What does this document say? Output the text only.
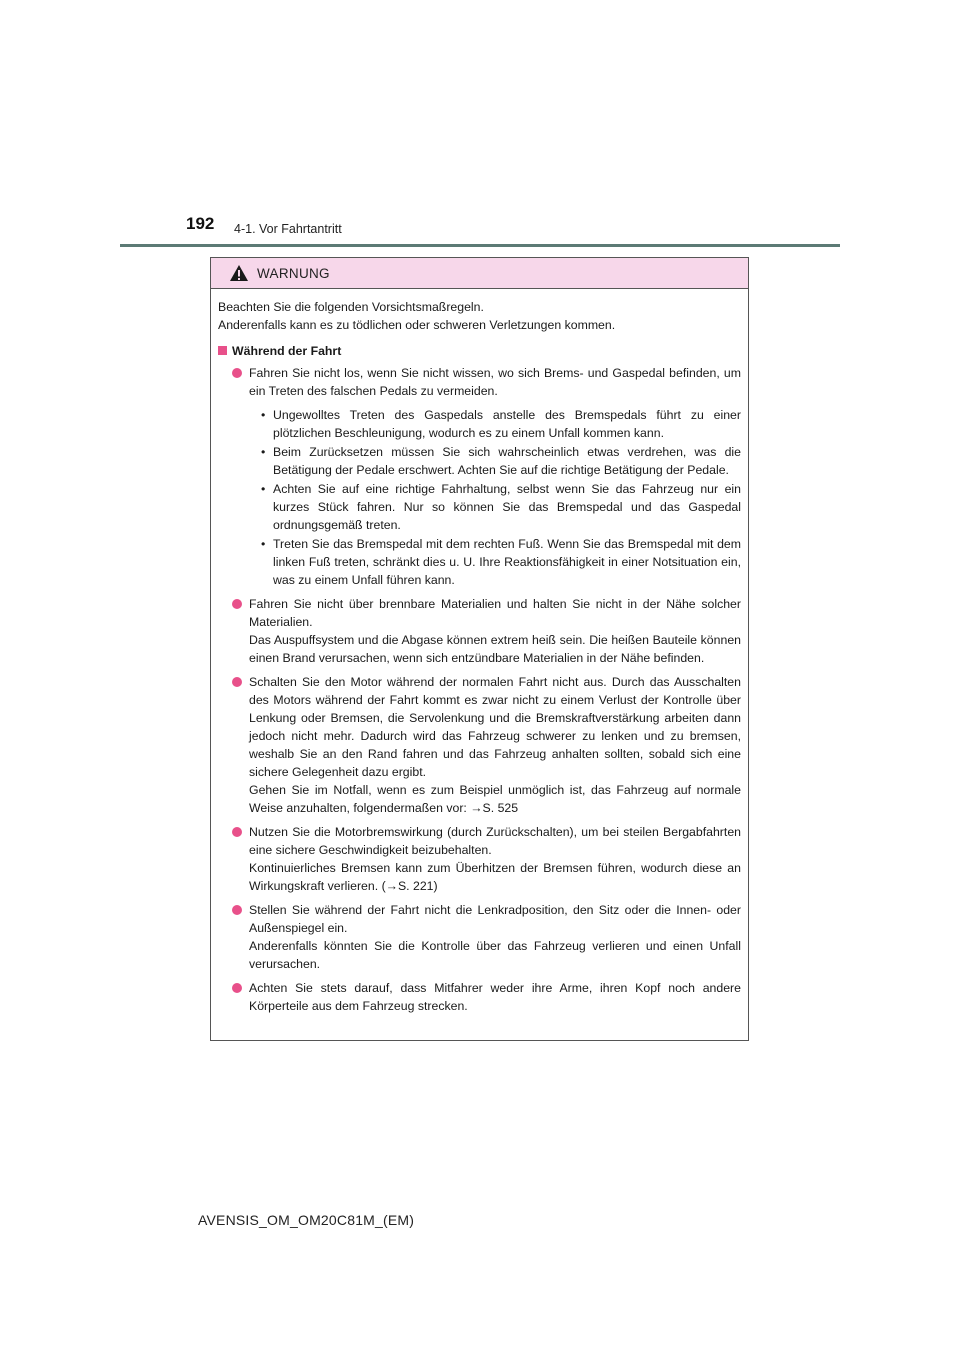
192 4-1. Vor Fahrtantritt
WARNUNG

Beachten Sie die folgenden Vorsichtsmaßregeln.
Anderenfalls kann es zu tödlichen oder schweren Verletzungen kommen.

Während der Fahrt

Fahren Sie nicht los, wenn Sie nicht wissen, wo sich Brems- und Gaspedal befinden, um ein Treten des falschen Pedals zu vermeiden.

• Ungewolltes Treten des Gaspedals anstelle des Bremspedals führt zu einer plötzlichen Beschleunigung, wodurch es zu einem Unfall kommen kann.
• Beim Zurücksetzen müssen Sie sich wahrscheinlich etwas verdrehen, was die Betätigung der Pedale erschwert. Achten Sie auf die richtige Betätigung der Pedale.
• Achten Sie auf eine richtige Fahrhaltung, selbst wenn Sie das Fahrzeug nur ein kurzes Stück fahren. Nur so können Sie das Bremspedal und das Gaspedal ordnungsgemäß treten.
• Treten Sie das Bremspedal mit dem rechten Fuß. Wenn Sie das Bremspedal mit dem linken Fuß treten, schränkt dies u. U. Ihre Reaktionsfähigkeit in einer Notsituation ein, was zu einem Unfall führen kann.

Fahren Sie nicht über brennbare Materialien und halten Sie nicht in der Nähe solcher Materialien.

Das Auspuffsystem und die Abgase können extrem heiß sein. Die heißen Bauteile können einen Brand verursachen, wenn sich entzündbare Materialien in der Nähe befinden.

Schalten Sie den Motor während der normalen Fahrt nicht aus. Durch das Ausschalten des Motors während der Fahrt kommt es zwar nicht zu einem Verlust der Kontrolle über Lenkung oder Bremsen, die Servolenkung und die Bremskraftverstärkung arbeiten dann jedoch nicht mehr. Dadurch wird das Fahrzeug schwerer zu lenken und zu bremsen, weshalb Sie an den Rand fahren und das Fahrzeug anhalten sollten, sobald sich eine sichere Gelegenheit dazu ergibt.

Gehen Sie im Notfall, wenn es zum Beispiel unmöglich ist, das Fahrzeug auf normale Weise anzuhalten, folgendermaßen vor: →S. 525

Nutzen Sie die Motorbremswirkung (durch Zurückschalten), um bei steilen Bergabfahrten eine sichere Geschwindigkeit beizubehalten.

Kontinuierliches Bremsen kann zum Überhitzen der Bremsen führen, wodurch diese an Wirkungskraft verlieren. (→S. 221)

Stellen Sie während der Fahrt nicht die Lenkradposition, den Sitz oder die Innen- oder Außenspiegel ein.

Anderenfalls könnten Sie die Kontrolle über das Fahrzeug verlieren und einen Unfall verursachen.

Achten Sie stets darauf, dass Mitfahrer weder ihre Arme, ihren Kopf noch andere Körperteile aus dem Fahrzeug strecken.

AVENSIS_OM_OM20C81M_(EM)
